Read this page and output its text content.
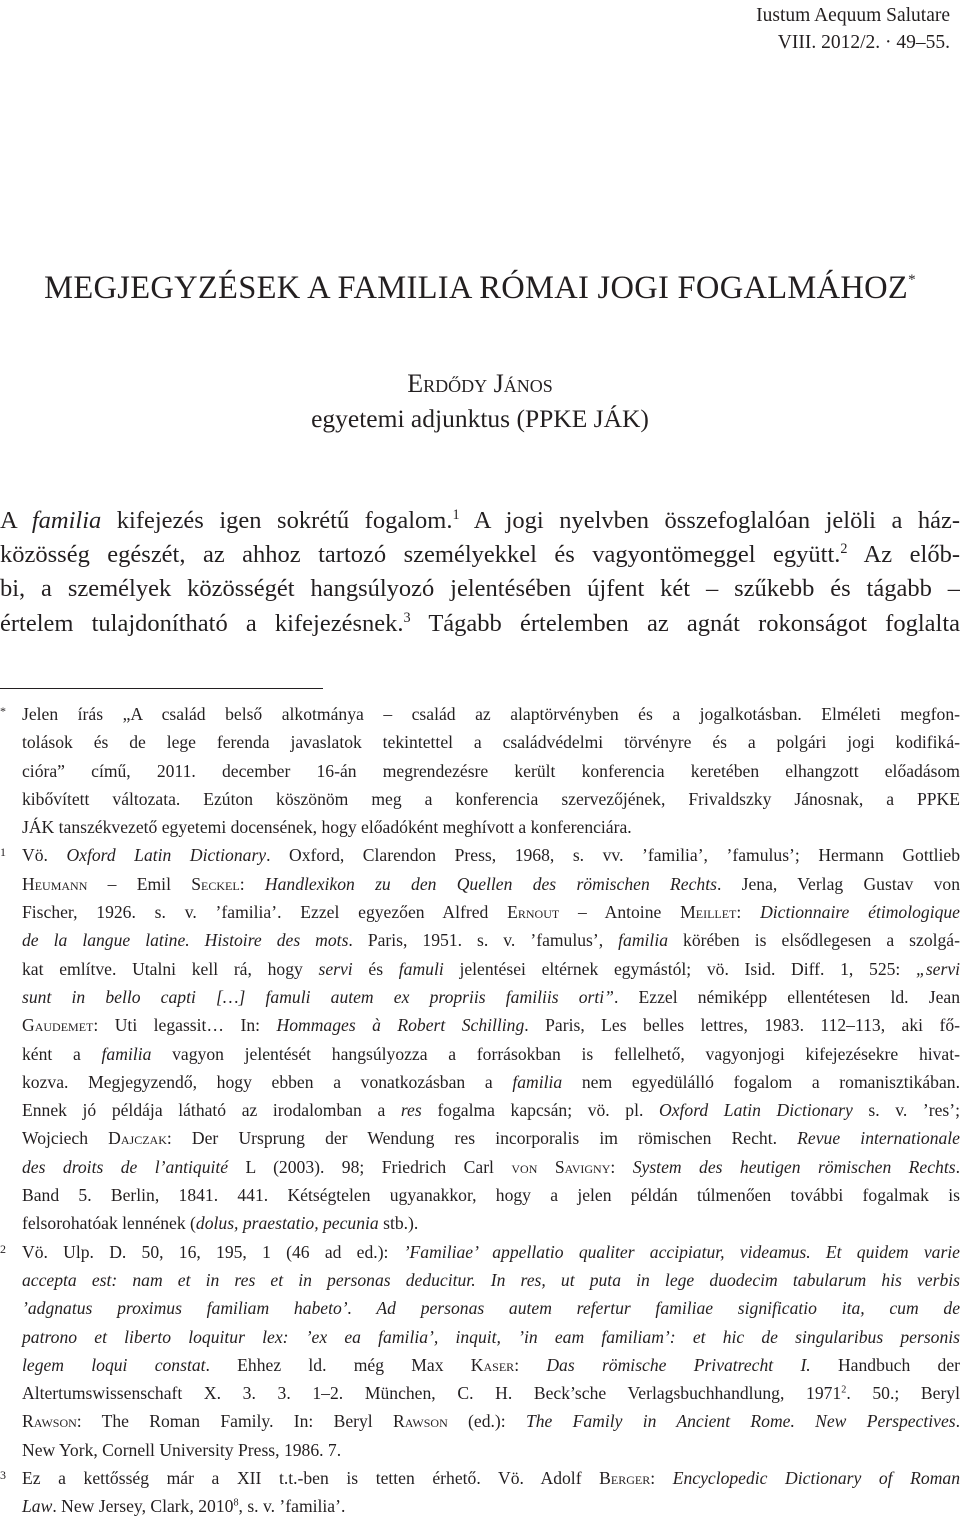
Iustum Aequum Salutare
VIII. 2012/2. · 49–55.
MEGJEGYZÉSEK A FAMILIA RÓMAI JOGI FOGALMÁHOZ*
Erdődy János
egyetemi adjunktus (PPKE JÁK)
A familia kifejezés igen sokrétű fogalom.$^1$ A jogi nyelvben összefoglalóan jelöli a ház-
közösség egészét, az ahhoz tartozó személyekkel és vagyontömeggel együtt.$^2$ Az előb-
bi, a személyek közösségét hangsúlyozó jelentésében újfent két – szűkebb és tágabb –
értelem tulajdonítható a kifejezésnek.$^3$ Tágabb értelemben az agnát rokonságot foglalta
* Jelen írás „A család belső alkotmánya – család az alaptörvényben és a jogalkotásban. Elméleti megfon-
tolások és de lege ferenda javaslatok tekintettel a családvédelmi törvényre és a polgári jogi kodifiká-
cióra” című, 2011. december 16-án megrendezésre került konferencia keretében elhangzott előadásom
kibővített változata. Ezúton köszönöm meg a konferencia szervezőjének, Frivaldszky Jánosnak, a PPKE
JÁK tanszékvezető egyetemi docensének, hogy előadóként meghívott a konferenciára.
1 Vö. Oxford Latin Dictionary. Oxford, Clarendon Press, 1968, s. vv. ’familia’, ’famulus’; Hermann Gottlieb
Heumann – Emil Seckel: Handlexikon zu den Quellen des römischen Rechts. Jena, Verlag Gustav von
Fischer, 1926. s. v. ’familia’. Ezzel egyezően Alfred Ernout – Antoine Meillet: Dictionnaire étimologique
de la langue latine. Histoire des mots. Paris, 1951. s. v. ’famulus’, familia körében is elsődlegesen a szolgá-
kat említve. Utalni kell rá, hogy servi és famuli jelentései eltérnek egymástól; vö. Isid. Diff. 1, 525: „servi
sunt in bello capti […] famuli autem ex propriis familiis orti”. Ezzel némiképp ellentétesen ld. Jean
Gaudemet: Uti legassit… In: Hommages à Robert Schilling. Paris, Les belles lettres, 1983. 112–113, aki fő-
ként a familia vagyon jelentését hangsúlyozza a forrásokban is fellelhető, vagyonjogi kifejezésekre hivat-
kozva. Megjegyzendő, hogy ebben a vonatkozásban a familia nem egyedülálló fogalom a romanisztikában.
Ennek jó példája látható az irodalomban a res fogalma kapcsán; vö. pl. Oxford Latin Dictionary s. v. ’res’;
Wojciech Dajczak: Der Ursprung der Wendung res incorporalis im römischen Recht. Revue internationale
des droits de l’antiquité L (2003). 98; Friedrich Carl von Savigny: System des heutigen römischen Rechts.
Band 5. Berlin, 1841. 441. Kétségtelen ugyanakkor, hogy a jelen példán túlmenően további fogalmak is
felsorohatóak lennének (dolus, praestatio, pecunia stb.).
2 Vö. Ulp. D. 50, 16, 195, 1 (46 ad ed.): ’Familiae’ appellatio qualiter accipiatur, videamus. Et quidem varie
accepta est: nam et in res et in personas deducitur. In res, ut puta in lege duodecim tabularum his verbis
’adgnatus proximus familiam habeto’. Ad personas autem refertur familiae significatio ita, cum de
patrono et liberto loquitur lex: ’ex ea familia’, inquit, ’in eam familiam’: et hic de singularibus personis
legem loqui constat. Ehhez ld. még Max Kaser: Das römische Privatrecht I. Handbuch der
Altertumswissenschaft X. 3. 3. 1–2. München, C. H. Beck’sche Verlagsbuchhandlung, 1971$^2$. 50.; Beryl
Rawson: The Roman Family. In: Beryl Rawson (ed.): The Family in Ancient Rome. New Perspectives.
New York, Cornell University Press, 1986. 7.
3 Ez a kettősség már a XII t.t.-ben is tetten érhető. Vö. Adolf Berger: Encyclopedic Dictionary of Roman
Law. New Jersey, Clark, 2010$^8$, s. v. ’familia’.
